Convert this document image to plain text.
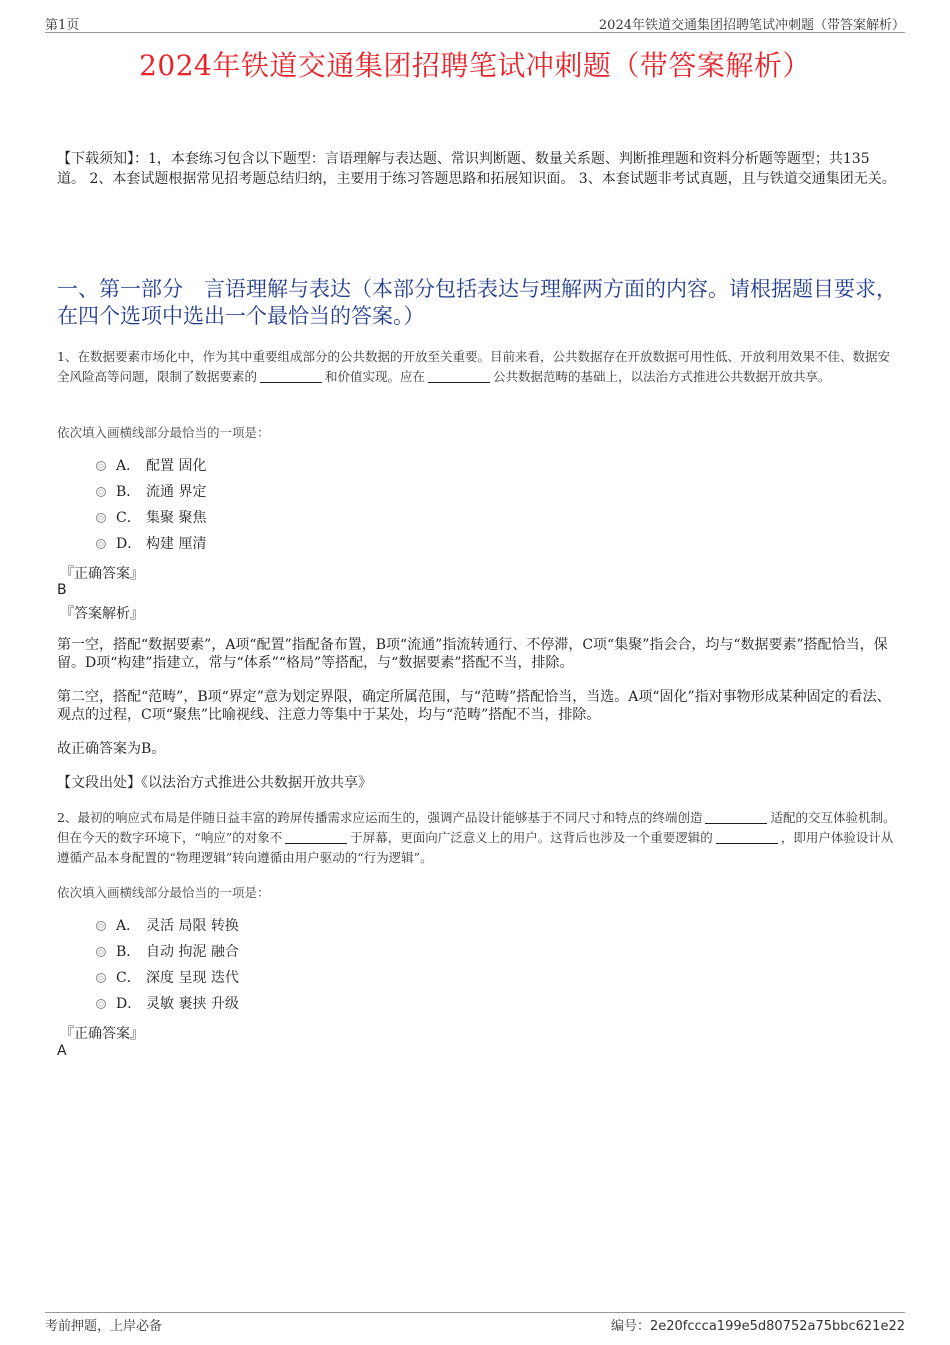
第1页	2024年铁道交通集团招聘笔试冲刺题（带答案解析）
2024年铁道交通集团招聘笔试冲刺题（带答案解析）
【下载须知】：1，本套练习包含以下题型：言语理解与表达题、常识判断题、数量关系题、判断推理题和资料分析题等题型；共135道。 2、本套试题根据常见招考题总结归纳，主要用于练习答题思路和拓展知识面。 3、本套试题非考试真题，且与铁道交通集团无关。
一、第一部分　言语理解与表达（本部分包括表达与理解两方面的内容。请根据题目要求，在四个选项中选出一个最恰当的答案。）
1、在数据要素市场化中，作为其中重要组成部分的公共数据的开放至关重要。目前来看，公共数据存在开放数据可用性低、开放利用效果不佳、数据安全风险高等问题，限制了数据要素的	和价值实现。应在	公共数据范畴的基础上，以法治方式推进公共数据开放共享。
依次填入画横线部分最恰当的一项是：
A． 配置 固化
B． 流通 界定
C． 集聚 聚焦
D． 构建 厘清
『正确答案』
B
『答案解析』
第一空，搭配“数据要素”，A项“配置”指配备布置，B项“流通”指流转通行、不停滞，C项“集聚”指会合，均与“数据要素”搭配恰当，保留。D项“构建”指建立，常与“体系”“格局”等搭配，与“数据要素”搭配不当，排除。
第二空，搭配“范畴”，B项“界定”意为划定界限，确定所属范围，与“范畴”搭配恰当，当选。A项“固化”指对事物形成某种固定的看法、观点的过程，C项“聚焦”比喻视线、注意力等集中于某处，均与“范畴”搭配不当，排除。
故正确答案为B。
【文段出处】《以法治方式推进公共数据开放共享》
2、最初的响应式布局是伴随日益丰富的跨屏传播需求应运而生的，强调产品设计能够基于不同尺寸和特点的终端创造	适配的交互体验机制。但在今天的数字环境下，“响应”的对象不	于屏幕，更面向广泛意义上的用户。这背后也涉及一个重要逻辑的	，即用户体验设计从遵循产品本身配置的“物理逻辑”转向遵循由用户驱动的“行为逻辑”。
依次填入画横线部分最恰当的一项是：
A． 灵活 局限 转换
B． 自动 拘泥 融合
C． 深度 呈现 迭代
D． 灵敏 裹挟 升级
『正确答案』
A
考前押题，上岸必备	编号：2e20fccca199e5d80752a75bbc621e22
